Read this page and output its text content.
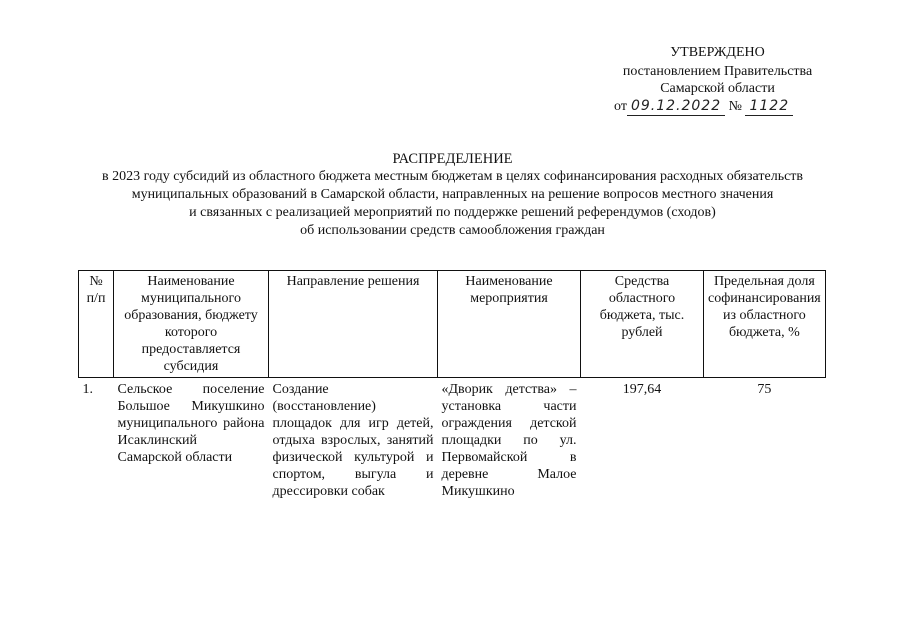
УТВЕРЖДЕНО
постановлением Правительства
Самарской области
от 09.12.2022 № 1122
РАСПРЕДЕЛЕНИЕ
в 2023 году субсидий из областного бюджета местным бюджетам в целях софинансирования расходных обязательств
муниципальных образований в Самарской области, направленных на решение вопросов местного значения
и связанных с реализацией мероприятий по поддержке решений референдумов (сходов)
об использовании средств самообложения граждан
№ п/п	Наименование муниципального образования, бюджету которого предоставляется субсидия	Направление решения	Наименование мероприятия	Средства областного бюджета, тыс. рублей	Предельная доля софинансирования из областного бюджета, %
1.	Сельское поселение Большое Микушкино муниципального района Исаклинский Самарской области	Создание (восстановление) площадок для игр детей, отдыха взрослых, занятий физической культурой и спортом, выгула и дрессировки собак	«Дворик детства» – установка части ограждения детской площадки по ул. Первомайской в деревне Малое Микушкино	197,64	75
